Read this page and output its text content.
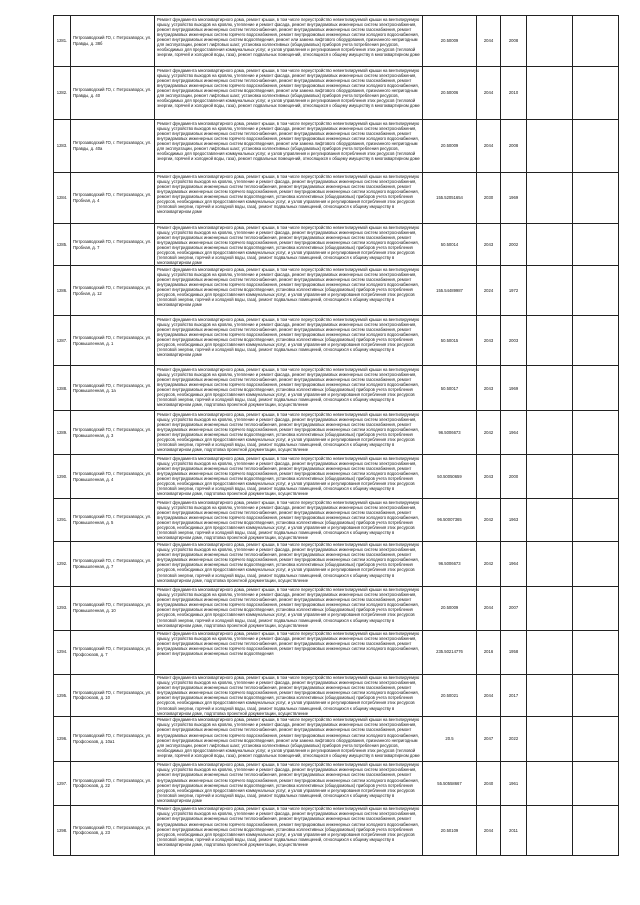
1281.	Петрозаводский ГО, г. Петрозаводск, ул. Правды, д. 38б	Ремонт фундамента многоквартирного дома, ремонт крыши, в том числе переустройство невентилируемой крыши на вентилируемую крышу, устройство выходов на кровлю, утепление и ремонт фасада, ремонт внутридомовых инженерных систем электроснабжения, ремонт внутридомовых инженерных систем теплоснабжения, ремонт внутридомовых инженерных систем газоснабжения, ремонт внутридомовых инженерных систем горячего водоснабжения, ремонт внутридомовых инженерных систем холодного водоснабжения, ремонт внутридомовых инженерных систем водоотведения, ремонт или замена лифтового оборудования, признанного непригодным для эксплуатации, ремонт лифтовых шахт, установка коллективных (общедомовых) приборов учета потребления ресурсов, необходимых для предоставления коммунальных услуг, и узлов управления и регулирования потребления этих ресурсов (тепловой энергии, горячей и холодной воды, газа), ремонт подвальных помещений, относящихся к общему имуществу в многоквартирном доме	20.50009	2044	2008		
1282.	Петрозаводский ГО, г. Петрозаводск, ул. Правды, д. 40	Ремонт фундамента многоквартирного дома, ремонт крыши, в том числе переустройство невентилируемой крыши на вентилируемую крышу, устройство выходов на кровлю, утепление и ремонт фасада, ремонт внутридомовых инженерных систем электроснабжения, ремонт внутридомовых инженерных систем теплоснабжения, ремонт внутридомовых инженерных систем газоснабжения, ремонт внутридомовых инженерных систем горячего водоснабжения, ремонт внутридомовых инженерных систем холодного водоснабжения, ремонт внутридомовых инженерных систем водоотведения, ремонт или замена лифтового оборудования, признанного непригодным для эксплуатации, ремонт лифтовых шахт, установка коллективных (общедомовых) приборов учета потребления ресурсов, необходимых для предоставления коммунальных услуг, и узлов управления и регулирования потребления этих ресурсов (тепловой энергии, горячей и холодной воды, газа), ремонт подвальных помещений, относящихся к общему имуществу в многоквартирном доме	20.50006	2044	2010		
1283.	Петрозаводский ГО, г. Петрозаводск, ул. Правды, д. 40а	Ремонт фундамента многоквартирного дома, ремонт крыши, в том числе переустройство невентилируемой крыши на вентилируемую крышу, устройство выходов на кровлю, утепление и ремонт фасада, ремонт внутридомовых инженерных систем электроснабжения, ремонт внутридомовых инженерных систем теплоснабжения, ремонт внутридомовых инженерных систем газоснабжения, ремонт внутридомовых инженерных систем горячего водоснабжения, ремонт внутридомовых инженерных систем холодного водоснабжения, ремонт внутридомовых инженерных систем водоотведения, ремонт или замена лифтового оборудования, признанного непригодным для эксплуатации, ремонт лифтовых шахт, установка коллективных (общедомовых) приборов учета потребления ресурсов, необходимых для предоставления коммунальных услуг, и узлов управления и регулирования потребления этих ресурсов (тепловой энергии, горячей и холодной воды, газа), ремонт подвальных помещений, относящихся к общему имуществу в многоквартирном доме	20.50009	2044	2008		
1284.	Петрозаводский ГО, г. Петрозаводск, ул. Пробная, д. 4	Ремонт фундамента многоквартирного дома, ремонт крыши, в том числе переустройство невентилируемой крыши на вентилируемую крышу, устройство выходов на кровлю, утепление и ремонт фасада, ремонт внутридомовых инженерных систем электроснабжения, ремонт внутридомовых инженерных систем теплоснабжения, ремонт внутридомовых инженерных систем газоснабжения, ремонт внутридомовых инженерных систем горячего водоснабжения, ремонт внутридомовых инженерных систем холодного водоснабжения, ремонт внутридомовых инженерных систем водоотведения, установка коллективных (общедомовых) приборов учета потребления ресурсов, необходимых для предоставления коммунальных услуг, и узлов управления и регулирования потребления этих ресурсов (тепловой энергии, горячей и холодной воды, газа), ремонт подвальных помещений, относящихся к общему имуществу в многоквартирном доме	155.52051654	2030	1969		
1285.	Петрозаводский ГО, г. Петрозаводск, ул. Пробная, д. 7	Ремонт фундамента многоквартирного дома, ремонт крыши, в том числе переустройство невентилируемой крыши на вентилируемую крышу, устройство выходов на кровлю, утепление и ремонт фасада, ремонт внутридомовых инженерных систем электроснабжения, ремонт внутридомовых инженерных систем теплоснабжения, ремонт внутридомовых инженерных систем газоснабжения, ремонт внутридомовых инженерных систем горячего водоснабжения, ремонт внутридомовых инженерных систем холодного водоснабжения, ремонт внутридомовых инженерных систем водоотведения, установка коллективных (общедомовых) приборов учета потребления ресурсов, необходимых для предоставления коммунальных услуг, и узлов управления и регулирования потребления этих ресурсов (тепловой энергии, горячей и холодной воды, газа), ремонт подвальных помещений, относящихся к общему имуществу в многоквартирном доме	50.50014	2043	2002		
1286.	Петрозаводский ГО, г. Петрозаводск, ул. Пробная, д. 12	Ремонт фундамента многоквартирного дома, ремонт крыши, в том числе переустройство невентилируемой крыши на вентилируемую крышу, устройство выходов на кровлю, утепление и ремонт фасада, ремонт внутридомовых инженерных систем электроснабжения, ремонт внутридомовых инженерных систем теплоснабжения, ремонт внутридомовых инженерных систем газоснабжения, ремонт внутридомовых инженерных систем горячего водоснабжения, ремонт внутридомовых инженерных систем холодного водоснабжения, ремонт внутридомовых инженерных систем водоотведения, установка коллективных (общедомовых) приборов учета потребления ресурсов, необходимых для предоставления коммунальных услуг, и узлов управления и регулирования потребления этих ресурсов (тепловой энергии, горячей и холодной воды, газа), ремонт подвальных помещений, относящихся к общему имуществу в многоквартирном доме	155.54489987	2024	1972		
1287.	Петрозаводский ГО, г. Петрозаводск, ул. Промышленная, д. 1	Ремонт фундамента многоквартирного дома, ремонт крыши, в том числе переустройство невентилируемой крыши на вентилируемую крышу, устройство выходов на кровлю, утепление и ремонт фасада, ремонт внутридомовых инженерных систем электроснабжения, ремонт внутридомовых инженерных систем теплоснабжения, ремонт внутридомовых инженерных систем газоснабжения, ремонт внутридомовых инженерных систем горячего водоснабжения, ремонт внутридомовых инженерных систем холодного водоснабжения, ремонт внутридомовых инженерных систем водоотведения, установка коллективных (общедомовых) приборов учета потребления ресурсов, необходимых для предоставления коммунальных услуг, и узлов управления и регулирования потребления этих ресурсов (тепловой энергии, горячей и холодной воды, газа), ремонт подвальных помещений, относящихся к общему имуществу в многоквартирном доме	50.50015	2043	2003		
1288.	Петрозаводский ГО, г. Петрозаводск, ул. Промышленная, д. 1а	Ремонт фундамента многоквартирного дома, ремонт крыши, в том числе переустройство невентилируемой крыши на вентилируемую крышу, устройство выходов на кровлю, утепление и ремонт фасада, ремонт внутридомовых инженерных систем электроснабжения, ремонт внутридомовых инженерных систем теплоснабжения, ремонт внутридомовых инженерных систем газоснабжения, ремонт внутридомовых инженерных систем горячего водоснабжения, ремонт внутридомовых инженерных систем холодного водоснабжения, ремонт внутридомовых инженерных систем водоотведения, установка коллективных (общедомовых) приборов учета потребления ресурсов, необходимых для предоставления коммунальных услуг, и узлов управления и регулирования потребления этих ресурсов (тепловой энергии, горячей и холодной воды, газа), ремонт подвальных помещений, относящихся к общему имуществу в многоквартирном доме, подготовка проектной документации, осуществление	50.50017	2043	1969		
1289.	Петрозаводский ГО, г. Петрозаводск, ул. Промышленная, д. 3	Ремонт фундамента многоквартирного дома, ремонт крыши, в том числе переустройство невентилируемой крыши на вентилируемую крышу, устройство выходов на кровлю, утепление и ремонт фасада, ремонт внутридомовых инженерных систем электроснабжения, ремонт внутридомовых инженерных систем теплоснабжения, ремонт внутридомовых инженерных систем газоснабжения, ремонт внутридомовых инженерных систем горячего водоснабжения, ремонт внутридомовых инженерных систем холодного водоснабжения, ремонт внутридомовых инженерных систем водоотведения, установка коллективных (общедомовых) приборов учета потребления ресурсов, необходимых для предоставления коммунальных услуг, и узлов управления и регулирования потребления этих ресурсов (тепловой энергии, горячей и холодной воды, газа), ремонт подвальных помещений, относящихся к общему имуществу в многоквартирном доме, подготовка проектной документации, осуществление	96.5006673	2042	1964		
1290.	Петрозаводский ГО, г. Петрозаводск, ул. Промышленная, д. 4	Ремонт фундамента многоквартирного дома, ремонт крыши, в том числе переустройство невентилируемой крыши на вентилируемую крышу, устройство выходов на кровлю, утепление и ремонт фасада, ремонт внутридомовых инженерных систем электроснабжения, ремонт внутридомовых инженерных систем теплоснабжения, ремонт внутридомовых инженерных систем газоснабжения, ремонт внутридомовых инженерных систем горячего водоснабжения, ремонт внутридомовых инженерных систем холодного водоснабжения, ремонт внутридомовых инженерных систем водоотведения, установка коллективных (общедомовых) приборов учета потребления ресурсов, необходимых для предоставления коммунальных услуг, и узлов управления и регулирования потребления этих ресурсов (тепловой энергии, горячей и холодной воды, газа), ремонт подвальных помещений, относящихся к общему имуществу в многоквартирном доме, подготовка проектной документации, осуществление	50.50050659	2043	2000		
1291.	Петрозаводский ГО, г. Петрозаводск, ул. Промышленная, д. 5	Ремонт фундамента многоквартирного дома, ремонт крыши, в том числе переустройство невентилируемой крыши на вентилируемую крышу, устройство выходов на кровлю, утепление и ремонт фасада, ремонт внутридомовых инженерных систем электроснабжения, ремонт внутридомовых инженерных систем теплоснабжения, ремонт внутридомовых инженерных систем газоснабжения, ремонт внутридомовых инженерных систем горячего водоснабжения, ремонт внутридомовых инженерных систем холодного водоснабжения, ремонт внутридомовых инженерных систем водоотведения, установка коллективных (общедомовых) приборов учета потребления ресурсов, необходимых для предоставления коммунальных услуг, и узлов управления и регулирования потребления этих ресурсов (тепловой энергии, горячей и холодной воды, газа), ремонт подвальных помещений, относящихся к общему имуществу в многоквартирном доме, подготовка проектной документации, осуществление	96.50007365	2042	1963		
1292.	Петрозаводский ГО, г. Петрозаводск, ул. Промышленная, д. 7	Ремонт фундамента многоквартирного дома, ремонт крыши, в том числе переустройство невентилируемой крыши на вентилируемую крышу, устройство выходов на кровлю, утепление и ремонт фасада, ремонт внутридомовых инженерных систем электроснабжения, ремонт внутридомовых инженерных систем теплоснабжения, ремонт внутридомовых инженерных систем газоснабжения, ремонт внутридомовых инженерных систем горячего водоснабжения, ремонт внутридомовых инженерных систем холодного водоснабжения, ремонт внутридомовых инженерных систем водоотведения, установка коллективных (общедомовых) приборов учета потребления ресурсов, необходимых для предоставления коммунальных услуг, и узлов управления и регулирования потребления этих ресурсов (тепловой энергии, горячей и холодной воды, газа), ремонт подвальных помещений, относящихся к общему имуществу в многоквартирном доме, подготовка проектной документации, осуществление	96.5006673	2042	1964		
1293.	Петрозаводский ГО, г. Петрозаводск, ул. Промышленная, д. 10	Ремонт фундамента многоквартирного дома, ремонт крыши, в том числе переустройство невентилируемой крыши на вентилируемую крышу, устройство выходов на кровлю, утепление и ремонт фасада, ремонт внутридомовых инженерных систем электроснабжения, ремонт внутридомовых инженерных систем теплоснабжения, ремонт внутридомовых инженерных систем газоснабжения, ремонт внутридомовых инженерных систем горячего водоснабжения, ремонт внутридомовых инженерных систем холодного водоснабжения, ремонт внутридомовых инженерных систем водоотведения, установка коллективных (общедомовых) приборов учета потребления ресурсов, необходимых для предоставления коммунальных услуг, и узлов управления и регулирования потребления этих ресурсов (тепловой энергии, горячей и холодной воды, газа), ремонт подвальных помещений, относящихся к общему имуществу в многоквартирном доме, подготовка проектной документации, осуществление	20.50009	2044	2007		
1294.	Петрозаводский ГО, г. Петрозаводск, ул. Профсоюзов, д. 7	Ремонт фундамента многоквартирного дома, ремонт крыши, в том числе переустройство невентилируемой крыши на вентилируемую крышу, устройство выходов на кровлю, утепление и ремонт фасада, ремонт внутридомовых инженерных систем электроснабжения, ремонт внутридомовых инженерных систем теплоснабжения, ремонт внутридомовых инженерных систем газоснабжения, ремонт внутридомовых инженерных систем горячего водоснабжения, ремонт внутридомовых инженерных систем холодного водоснабжения, ремонт внутридомовых инженерных систем водоотведения	235.50214776	2016	1958		
1295.	Петрозаводский ГО, г. Петрозаводск, ул. Профсоюзов, д. 10	Ремонт фундамента многоквартирного дома, ремонт крыши, в том числе переустройство невентилируемой крыши на вентилируемую крышу, устройство выходов на кровлю, утепление и ремонт фасада, ремонт внутридомовых инженерных систем электроснабжения, ремонт внутридомовых инженерных систем теплоснабжения, ремонт внутридомовых инженерных систем газоснабжения, ремонт внутридомовых инженерных систем горячего водоснабжения, ремонт внутридомовых инженерных систем холодного водоснабжения, ремонт внутридомовых инженерных систем водоотведения, установка коллективных (общедомовых) приборов учета потребления ресурсов, необходимых для предоставления коммунальных услуг, и узлов управления и регулирования потребления этих ресурсов (тепловой энергии, горячей и холодной воды, газа), ремонт подвальных помещений, относящихся к общему имуществу в многоквартирном доме, подготовка проектной документации, осуществление	20.50021	2044	2017		
1296.	Петрозаводский ГО, г. Петрозаводск, ул. Профсоюзов, д. 10а1	Ремонт фундамента многоквартирного дома, ремонт крыши, в том числе переустройство невентилируемой крыши на вентилируемую крышу, устройство выходов на кровлю, утепление и ремонт фасада, ремонт внутридомовых инженерных систем электроснабжения, ремонт внутридомовых инженерных систем теплоснабжения, ремонт внутридомовых инженерных систем газоснабжения, ремонт внутридомовых инженерных систем горячего водоснабжения, ремонт внутридомовых инженерных систем холодного водоснабжения, ремонт внутридомовых инженерных систем водоотведения, ремонт или замена лифтового оборудования, признанного непригодным для эксплуатации, ремонт лифтовых шахт, установка коллективных (общедомовых) приборов учета потребления ресурсов, необходимых для предоставления коммунальных услуг, и узлов управления и регулирования потребления этих ресурсов (тепловой энергии, горячей и холодной воды, газа), ремонт подвальных помещений, относящихся к общему имуществу в многоквартирном доме	20.5	2047	2022		
1297.	Петрозаводский ГО, г. Петрозаводск, ул. Профсоюзов, д. 22	Ремонт фундамента многоквартирного дома, ремонт крыши, в том числе переустройство невентилируемой крыши на вентилируемую крышу, устройство выходов на кровлю, утепление и ремонт фасада, ремонт внутридомовых инженерных систем электроснабжения, ремонт внутридомовых инженерных систем теплоснабжения, ремонт внутридомовых инженерных систем газоснабжения, ремонт внутридомовых инженерных систем горячего водоснабжения, ремонт внутридомовых инженерных систем холодного водоснабжения, ремонт внутридомовых инженерных систем водоотведения, установка коллективных (общедомовых) приборов учета потребления ресурсов, необходимых для предоставления коммунальных услуг, и узлов управления и регулирования потребления этих ресурсов (тепловой энергии, горячей и холодной воды, газа), ремонт подвальных помещений, относящихся к общему имуществу в многоквартирном доме	55.50558667	2040	1961		
1298.	Петрозаводский ГО, г. Петрозаводск, ул. Профсоюзов, д. 23	Ремонт фундамента многоквартирного дома, ремонт крыши, в том числе переустройство невентилируемой крыши на вентилируемую крышу, устройство выходов на кровлю, утепление и ремонт фасада, ремонт внутридомовых инженерных систем электроснабжения, ремонт внутридомовых инженерных систем теплоснабжения, ремонт внутридомовых инженерных систем газоснабжения, ремонт внутридомовых инженерных систем горячего водоснабжения, ремонт внутридомовых инженерных систем холодного водоснабжения, ремонт внутридомовых инженерных систем водоотведения, установка коллективных (общедомовых) приборов учета потребления ресурсов, необходимых для предоставления коммунальных услуг, и узлов управления и регулирования потребления этих ресурсов (тепловой энергии, горячей и холодной воды, газа), ремонт подвальных помещений, относящихся к общему имуществу в многоквартирном доме, подготовка проектной документации, осуществление	20.50109	2044	2011		
